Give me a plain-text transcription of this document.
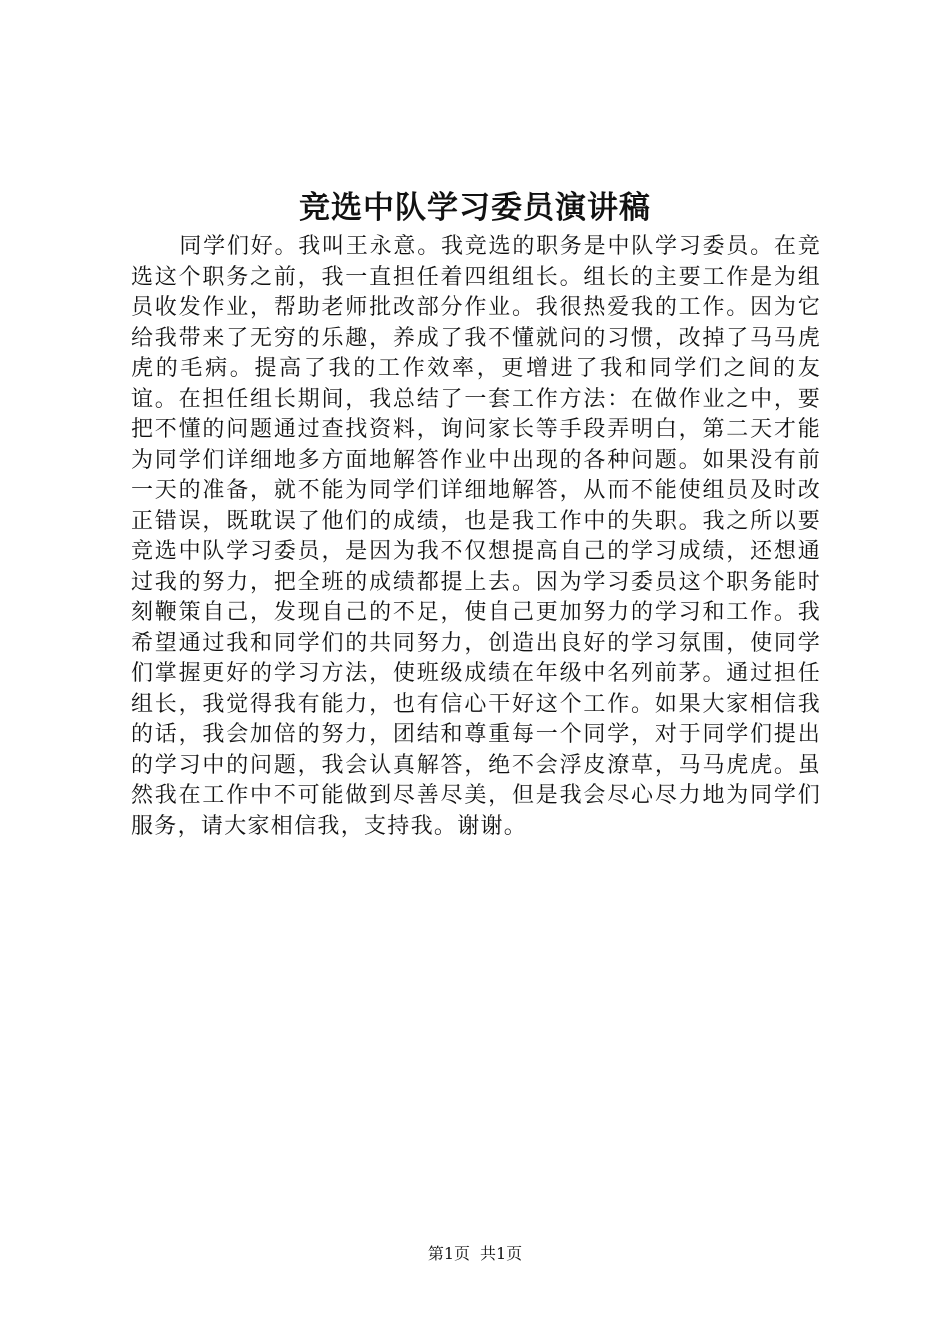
竞选中队学习委员演讲稿

同学们好。我叫王永意。我竞选的职务是中队学习委员。在竞选这个职务之前，我一直担任着四组组长。组长的主要工作是为组员收发作业，帮助老师批改部分作业。我很热爱我的工作。因为它给我带来了无穷的乐趣，养成了我不懂就问的习惯，改掉了马马虎虎的毛病。提高了我的工作效率，更增进了我和同学们之间的友谊。在担任组长期间，我总结了一套工作方法：在做作业之中，要把不懂的问题通过查找资料，询问家长等手段弄明白，第二天才能为同学们详细地多方面地解答作业中出现的各种问题。如果没有前一天的准备，就不能为同学们详细地解答，从而不能使组员及时改正错误，既耽误了他们的成绩，也是我工作中的失职。我之所以要竞选中队学习委员，是因为我不仅想提高自己的学习成绩，还想通过我的努力，把全班的成绩都提上去。因为学习委员这个职务能时刻鞭策自己，发现自己的不足，使自己更加努力的学习和工作。我希望通过我和同学们的共同努力，创造出良好的学习氛围，使同学们掌握更好的学习方法，使班级成绩在年级中名列前茅。通过担任组长，我觉得我有能力，也有信心干好这个工作。如果大家相信我的话，我会加倍的努力，团结和尊重每一个同学，对于同学们提出的学习中的问题，我会认真解答，绝不会浮皮潦草，马马虎虎。虽然我在工作中不可能做到尽善尽美，但是我会尽心尽力地为同学们服务，请大家相信我，支持我。谢谢。

第1页 共1页
